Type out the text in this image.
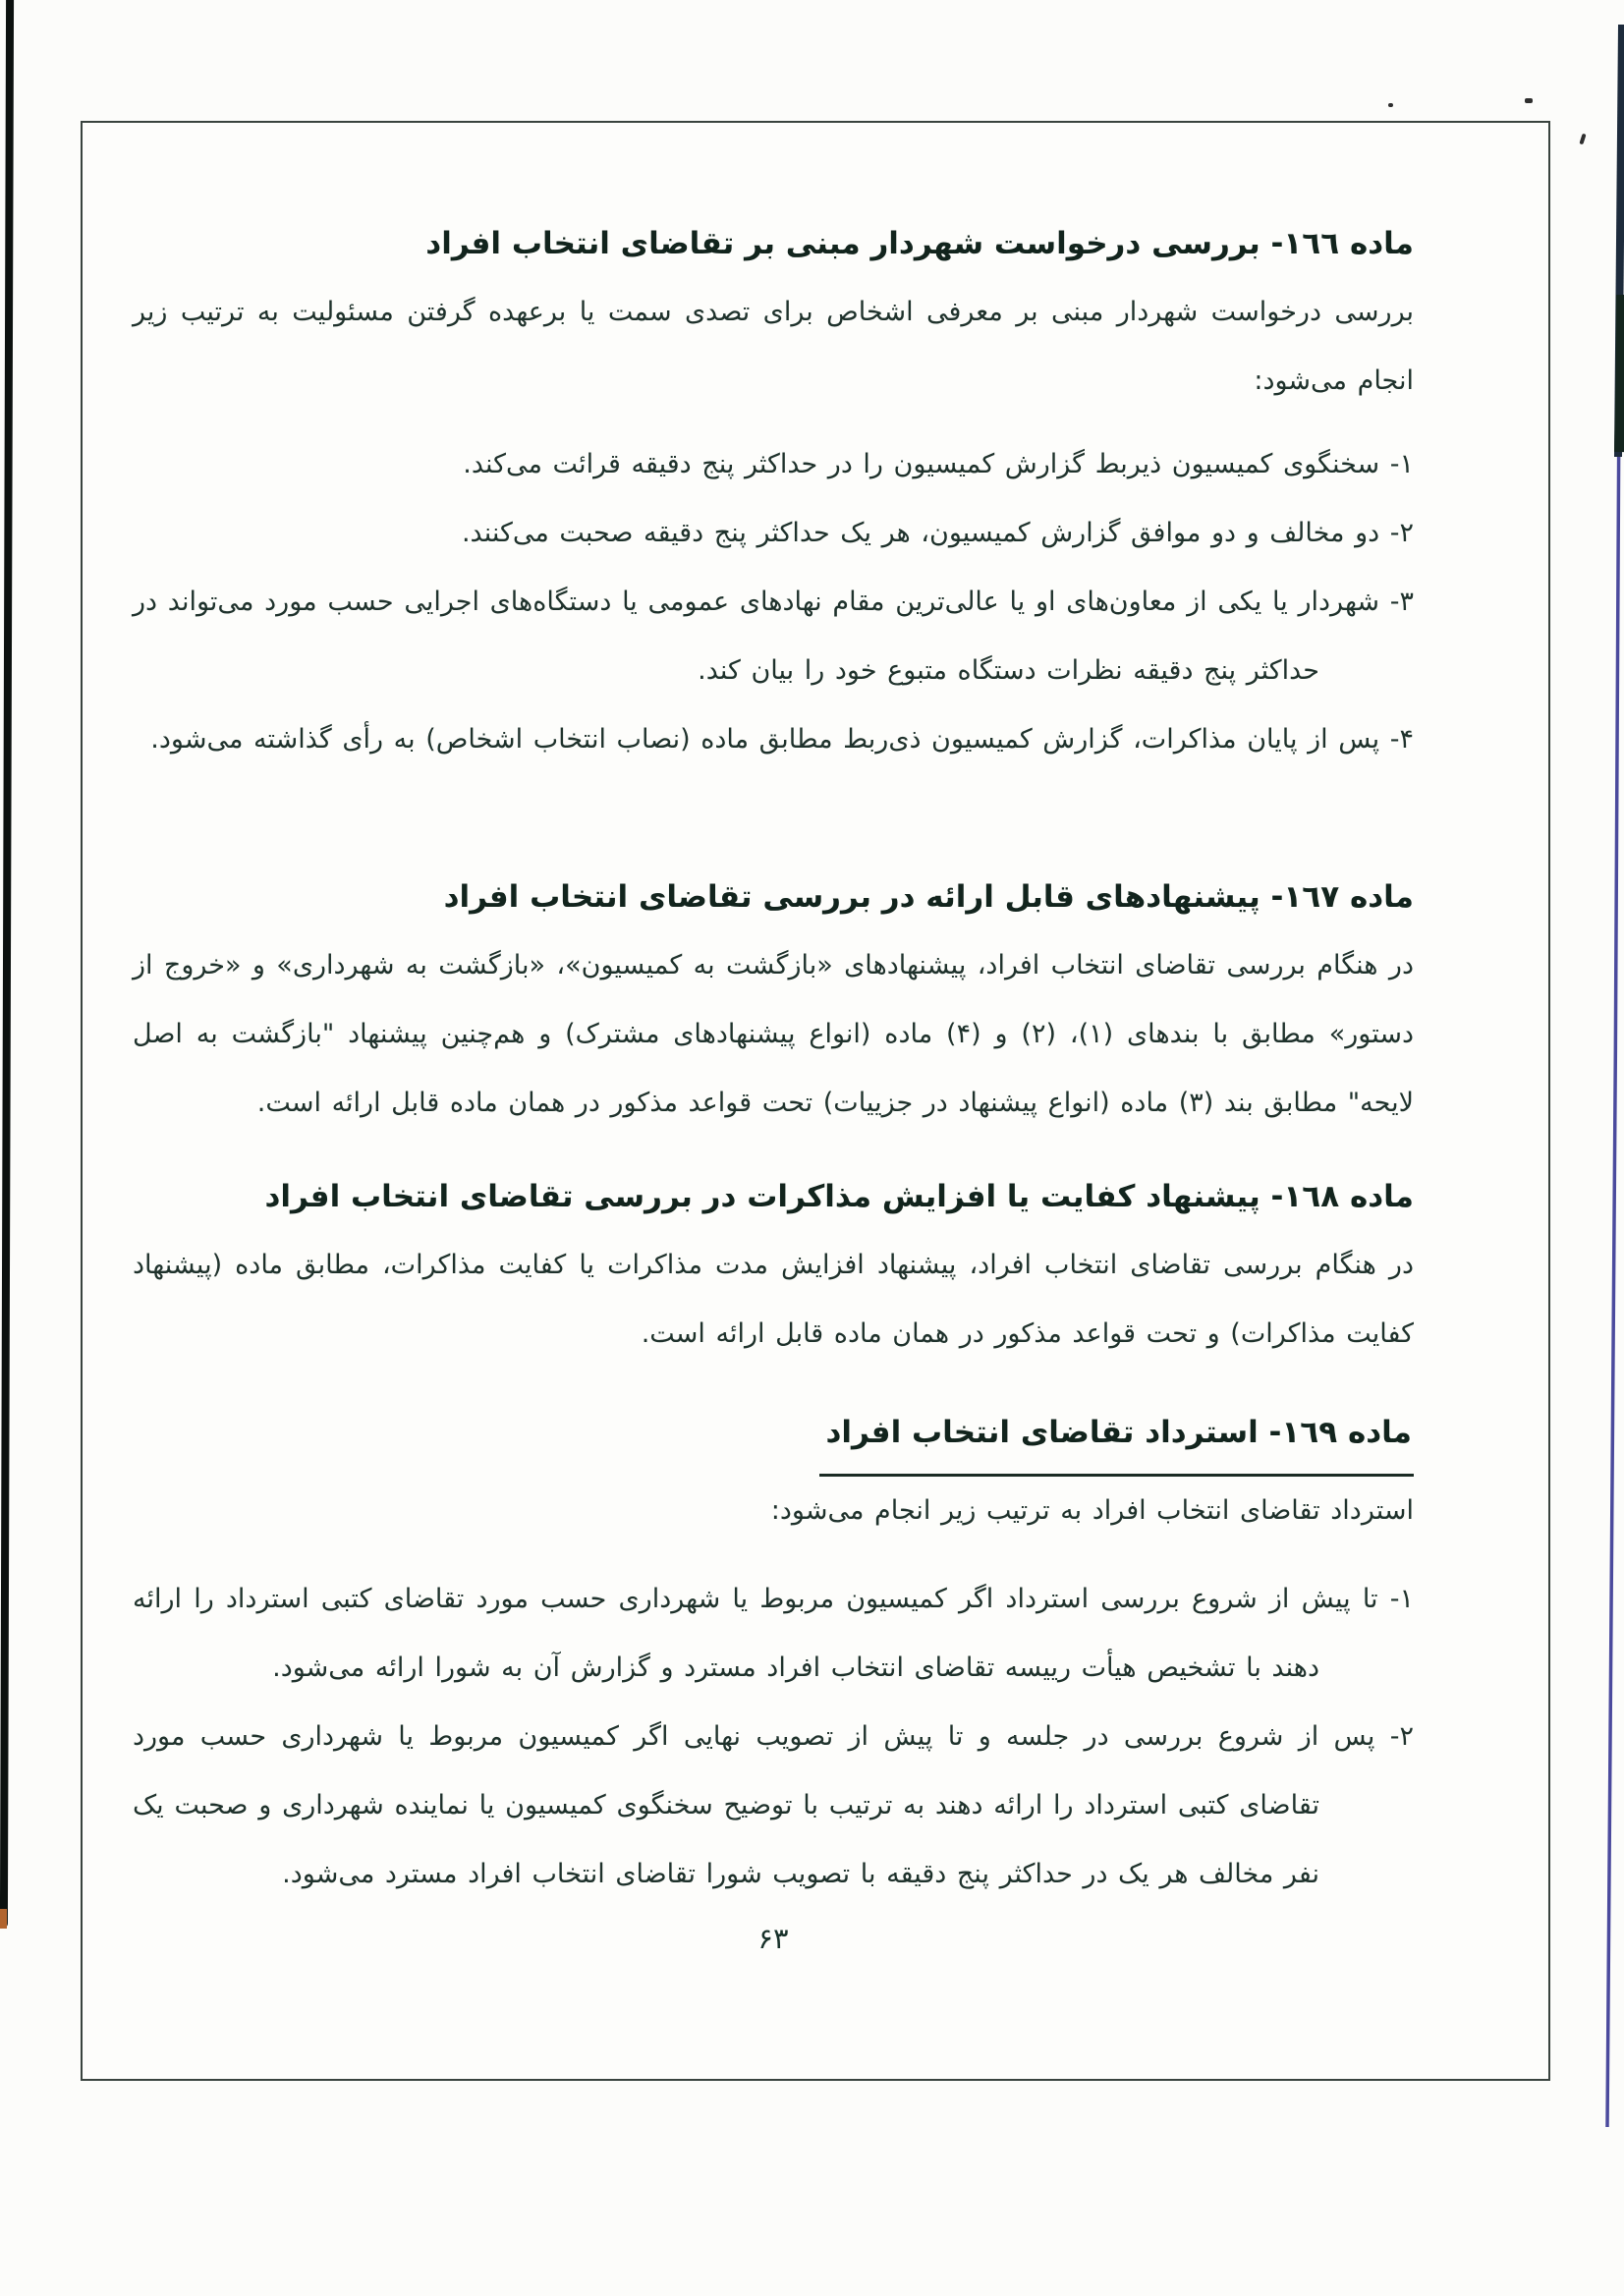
ماده ١٦٦- بررسی درخواست شهردار مبنی بر تقاضای انتخاب افراد
بررسی درخواست شهردار مبنی بر معرفی اشخاص برای تصدی سمت یا برعهده گرفتن مسئولیت به ترتیب زیر انجام می‌شود:
١- سخنگوی کمیسیون ذیربط گزارش کمیسیون را در حداکثر پنج دقیقه قرائت می‌کند.
٢- دو مخالف و دو موافق گزارش کمیسیون، هر یک حداکثر پنج دقیقه صحبت می‌کنند.
٣- شهردار یا یکی از معاون‌های او یا عالی‌ترین مقام نهادهای عمومی یا دستگاه‌های اجرایی حسب مورد می‌تواند در حداکثر پنج دقیقه نظرات دستگاه متبوع خود را بیان کند.
۴- پس از پایان مذاکرات، گزارش کمیسیون ذی‌ربط مطابق ماده (نصاب انتخاب اشخاص) به رأی گذاشته می‌شود.
ماده ١٦٧- پیشنهادهای قابل ارائه در بررسی تقاضای انتخاب افراد
در هنگام بررسی تقاضای انتخاب افراد، پیشنهادهای «بازگشت به کمیسیون»، «بازگشت به شهرداری» و «خروج از دستور» مطابق با بندهای (١)، (٢) و (۴) ماده (انواع پیشنهادهای مشترک) و هم‌چنین پیشنهاد "بازگشت به اصل لایحه" مطابق بند (٣) ماده (انواع پیشنهاد در جزییات) تحت قواعد مذکور در همان ماده قابل ارائه است.
ماده ١٦٨- پیشنهاد کفایت یا افزایش مذاکرات در بررسی تقاضای انتخاب افراد
در هنگام بررسی تقاضای انتخاب افراد، پیشنهاد افزایش مدت مذاکرات یا کفایت مذاکرات، مطابق ماده (پیشنهاد کفایت مذاکرات) و تحت قواعد مذکور در همان ماده قابل ارائه است.
ماده ١٦٩- استرداد تقاضای انتخاب افراد
استرداد تقاضای انتخاب افراد به ترتیب زیر انجام می‌شود:
١- تا پیش از شروع بررسی استرداد اگر کمیسیون مربوط یا شهرداری حسب مورد تقاضای کتبی استرداد را ارائه دهند با تشخیص هیأت رییسه تقاضای انتخاب افراد مسترد و گزارش آن به شورا ارائه می‌شود.
٢- پس از شروع بررسی در جلسه و تا پیش از تصویب نهایی اگر کمیسیون مربوط یا شهرداری حسب مورد تقاضای کتبی استرداد را ارائه دهند به ترتیب با توضیح سخنگوی کمیسیون یا نماینده شهرداری و صحبت یک نفر مخالف هر یک در حداکثر پنج دقیقه با تصویب شورا تقاضای انتخاب افراد مسترد می‌شود.
۶۳
